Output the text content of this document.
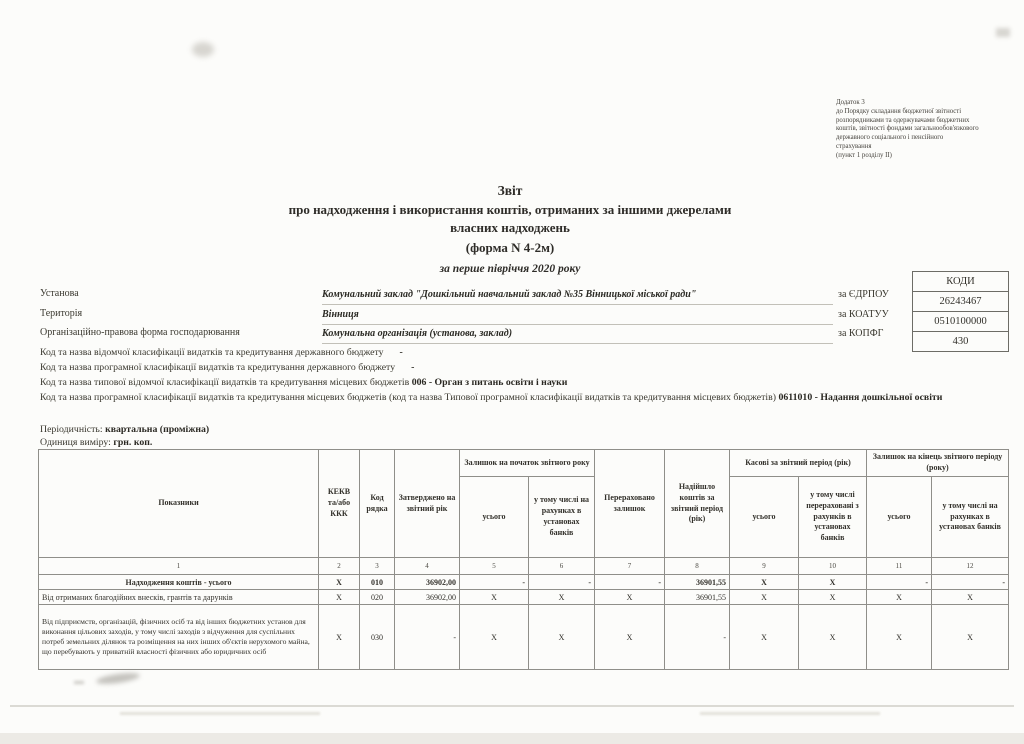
Додаток 3
до Порядку складання бюджетної звітності
розпорядниками та одержувачами бюджетних
коштів, звітності фондами загальнообов'язкового
державного соціального і пенсійного
страхування
(пункт 1 розділу ІІ)
Звіт
про надходження і використання коштів, отриманих за іншими джерелами
власних надходжень
(форма N 4-2м)
за перше півріччя 2020 року
Установа	Комунальний заклад "Дошкільний навчальний заклад №35 Вінницької міської ради"	за ЄДРПОУ
Територія	Вінниця	за КОАТУУ
Організаційно-правова форма господарювання	Комунальна організація (установа, заклад)	за КОПФГ
КОДИ
26243467
0510100000
430
Код та назва відомчої класифікації видатків та кредитування державного бюджету -
Код та назва програмної класифікації видатків та кредитування державного бюджету -
Код та назва типової відомчої класифікації видатків та кредитування місцевих бюджетів 006 - Орган з питань освіти і науки
Код та назва програмної класифікації видатків та кредитування місцевих бюджетів (код та назва Типової програмної класифікації видатків та кредитування місцевих бюджетів) 0611010 - Надання дошкільної освіти
Періодичність: квартальна (проміжна)
Одиниця виміру: грн. коп.
Показники	КЕКВ та/або ККК	Код рядка	Затверджено на звітний рік	Залишок на початок звітного року		Перераховано залишок	Надійшло коштів за звітний період (рік)	Касові за звітний період (рік)		Залишок на кінець звітного періоду (року)	
				усього	у тому числі на рахунках в установах банків			усього	у тому числі перераховані з рахунків в установах банків	усього	у тому числі на рахунках в установах банків
1	2	3	4	5	6	7	8	9	10	11	12
Надходження коштів - усього	X	010	36902,00	-	-	-	36901,55	X	X	-	-
Від отриманих благодійних внесків, грантів та дарунків	X	020	36902,00	X	X	X	36901,55	X	X	X	X
Від підприємств, організацій, фізичних осіб та від інших бюджетних установ для виконання цільових заходів, у тому числі заходів з відчуження для суспільних потреб земельних ділянок та розміщення на них інших об'єктів нерухомого майна, що перебувають у приватній власності фізичних або юридичних осіб	X	030	-	X	X	X	-	X	X	X	X
